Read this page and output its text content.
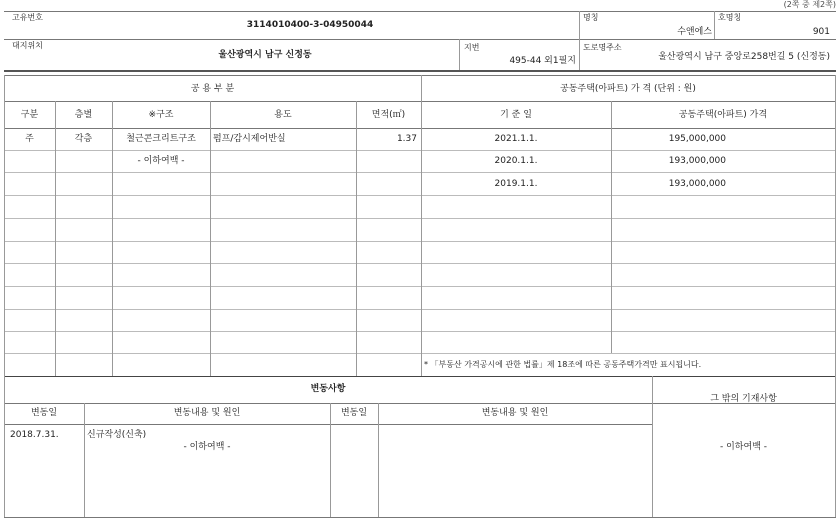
(2쪽 중 제2쪽)
고유번호
3114010400-3-04950044
명칭
수앤에스
호명칭
901
대지위치
울산광역시 남구 신정동
지번
495-44 외1필지
도로명주소
울산광역시 남구 중앙로258번길 5 (신정동)
공 용 부 분
구분	층별	※구조	용도	면적(㎡)
주	각층	철근콘크리트구조	펌프/감시제어반실	1.37
- 이하여백 -
공동주택(아파트) 가 격 (단위 : 원)
기 준 일	공동주택(아파트) 가격
2021.1.1.	195,000,000
2020.1.1.	193,000,000
2019.1.1.	193,000,000
* 「부동산 가격공시에 관한 법률」제 18조에 따른 공동주택가격만 표시됩니다.
변동사항
변동일	변동내용 및 원인	변동일	변동내용 및 원인
2018.7.31.	신규작성(신축)
- 이하여백 -
그 밖의 기재사항
- 이하여백 -
